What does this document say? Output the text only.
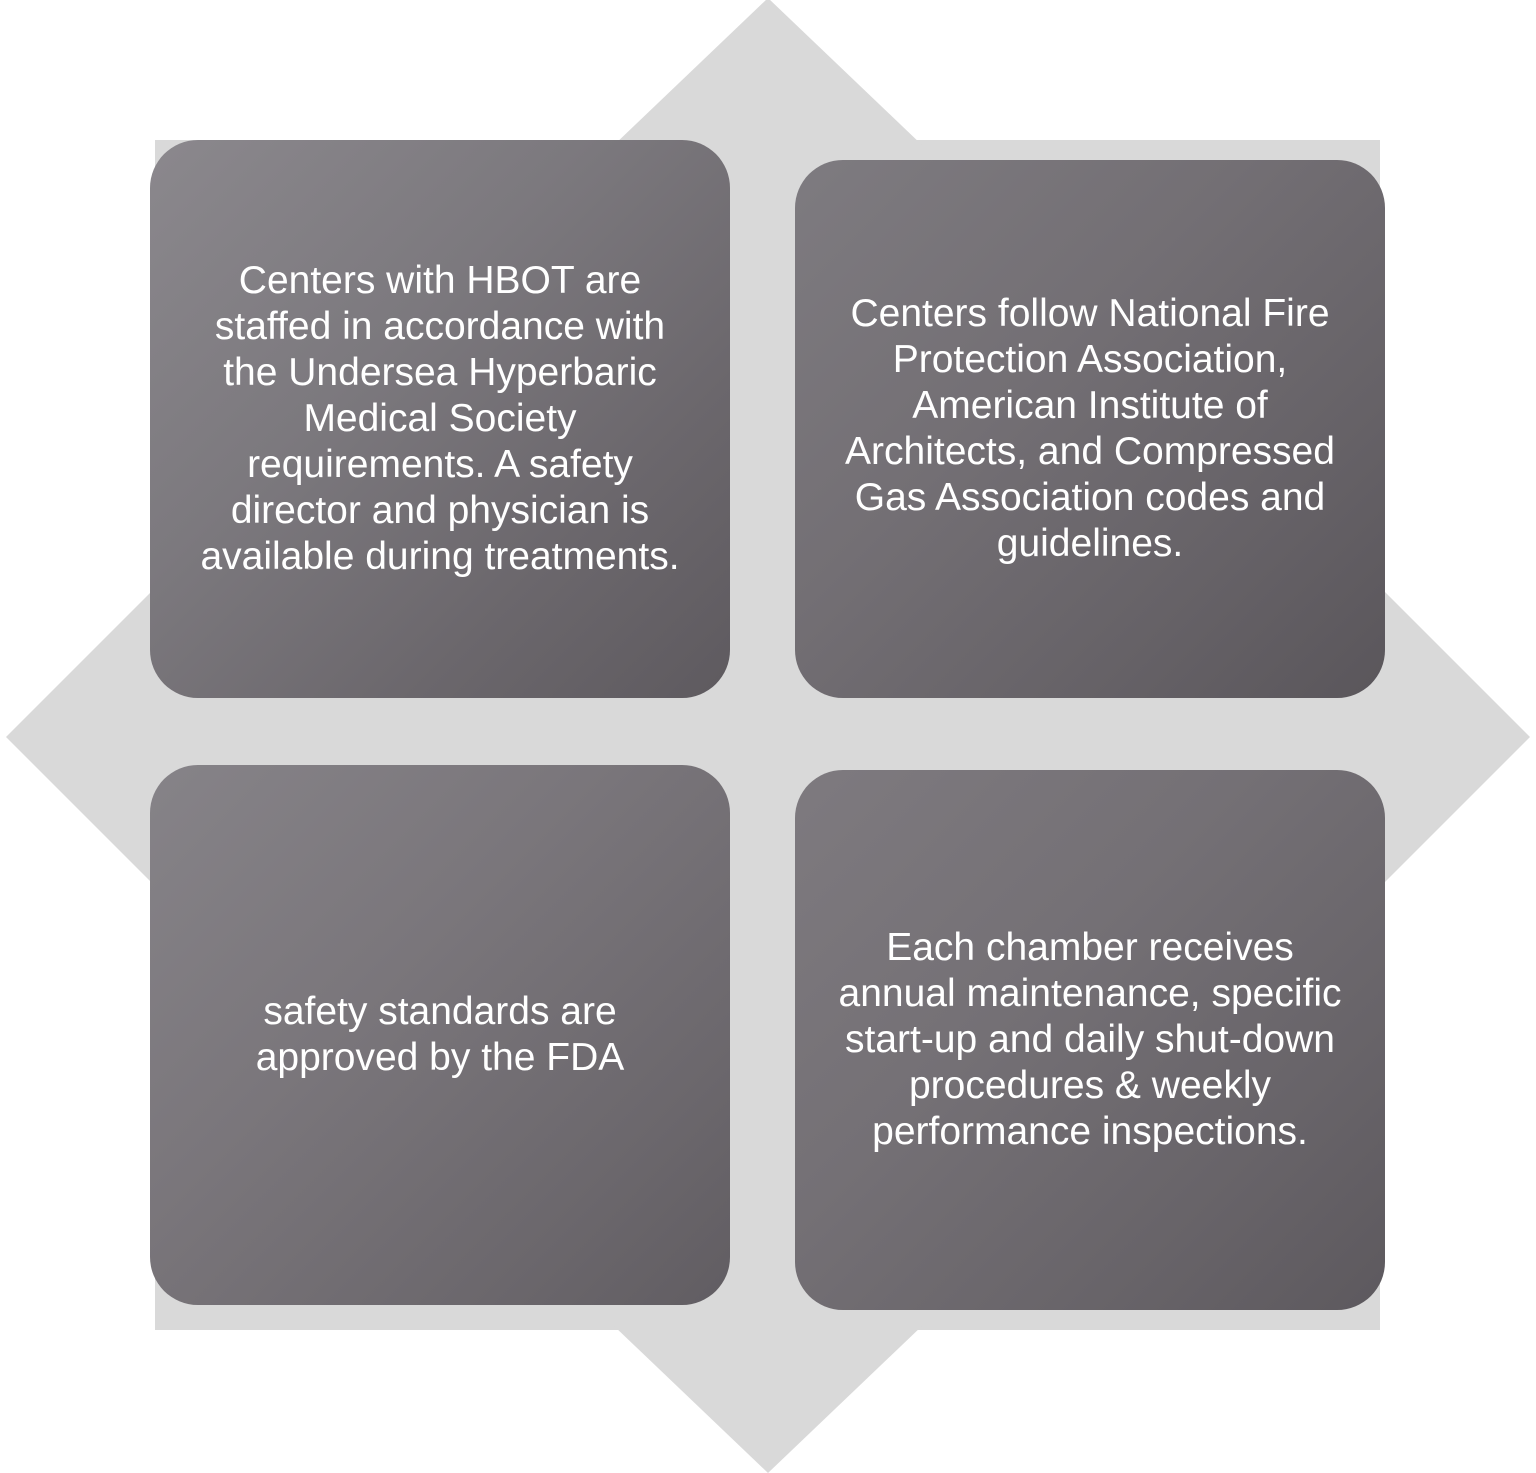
Centers with HBOT are staffed in accordance with the Undersea Hyperbaric Medical Society requirements. A safety director and physician is available during treatments.
Centers follow National Fire Protection Association, American Institute of Architects, and Compressed Gas Association codes and guidelines.
safety standards are approved by the FDA
Each chamber receives annual maintenance, specific start-up and daily shut-down procedures & weekly performance inspections.
